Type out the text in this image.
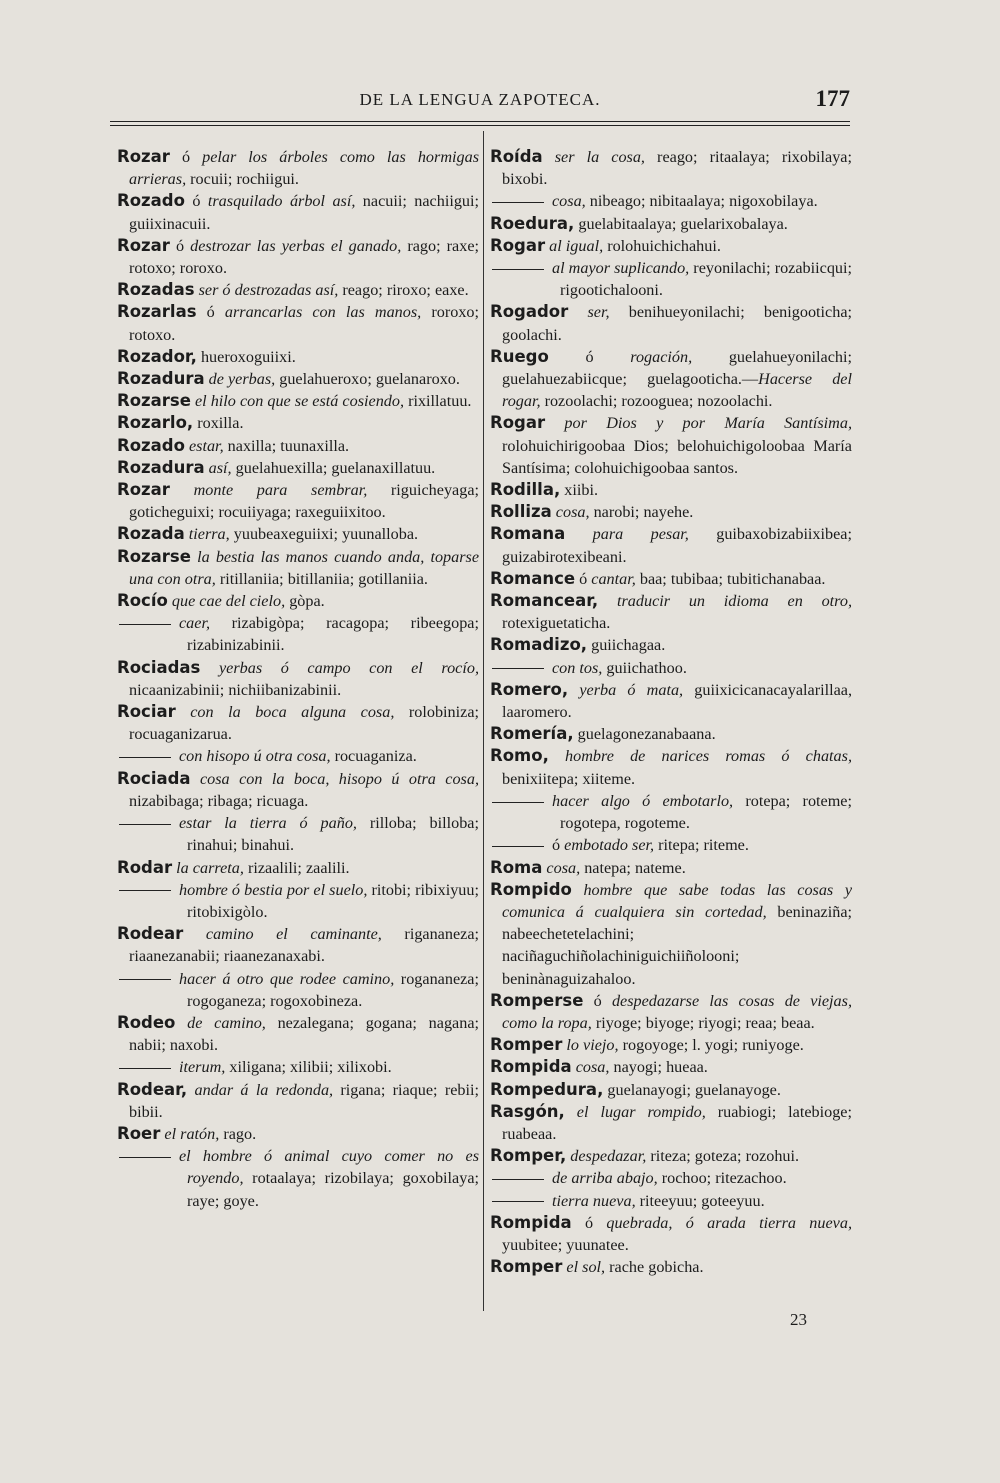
DE LA LENGUA ZAPOTECA.	177

Rozar ó pelar los árboles como las hormigas arrieras, rocuii; rochiigui.

Rozado ó trasquilado árbol así, nacuii; nachiigui; guiixinacuii.

Rozar ó destrozar las yerbas el ganado, rago; raxe; rotoxo; roroxo.

Rozadas ser ó destrozadas así, reago; riroxo; eaxe.

Rozarlas ó arrancarlas con las manos, roroxo; rotoxo.

Rozador, hueroxoguiixi.

Rozadura de yerbas, guelahueroxo; guelanaroxo.

Rozarse el hilo con que se está cosiendo, rixillatuu.

Rozarlo, roxilla.

Rozado estar, naxilla; tuunaxilla.

Rozadura así, guelahuexilla; guelanaxillatuu.

Rozar monte para sembrar, riguicheyaga; goticheguixi; rocuiiyaga; raxeguiixitoo.

Rozada tierra, yuubeaxeguiixi; yuunalloba.

Rozarse la bestia las manos cuando anda, toparse una con otra, ritillaniia; bitillaniia; gotillaniia.

Rocío que cae del cielo, gòpa.

caer, rizabigòpa; racagopa; ribeegopa; rizabinizabinii.

Rociadas yerbas ó campo con el rocío, nicaanizabinii; nichiibanizabinii.

Rociar con la boca alguna cosa, rolobiniza; rocuaganizarua.

con hisopo ú otra cosa, rocuaganiza.

Rociada cosa con la boca, hisopo ú otra cosa, nizabibaga; ribaga; ricuaga.

estar la tierra ó paño, rilloba; billoba; rinahui; binahui.

Rodar la carreta, rizaalili; zaalili.

hombre ó bestia por el suelo, ritobi; ribixiyuu; ritobixigòlo.

Rodear camino el caminante, rigananeza; riaanezanabii; riaanezanaxabi.

hacer á otro que rodee camino, rogananeza; rogoganeza; rogoxobineza.

Rodeo de camino, nezalegana; gogana; nagana; nabii; naxobi.

iterum, xiligana; xilibii; xilixobi.

Rodear, andar á la redonda, rigana; riaque; rebii; bibii.

Roer el ratón, rago.

el hombre ó animal cuyo comer no es royendo, rotaalaya; rizobilaya; goxobilaya; raye; goye.

Roída ser la cosa, reago; ritaalaya; rixobilaya; bixobi.

cosa, nibeago; nibitaalaya; nigoxobilaya.

Roedura, guelabitaalaya; guelarixobalaya.

Rogar al igual, rolohuichichahui.

al mayor suplicando, reyonilachi; rozabiicqui; rigootichalooni.

Rogador ser, benihueyonilachi; benigooticha; goolachi.

Ruego ó rogación, guelahueyonilachi; guelahuezabiicque; guelagooticha.—Hacerse del rogar, rozoolachi; rozooguea; nozoolachi.

Rogar por Dios y por María Santísima, rolohuichirigoobaa Dios; belohuichigoloobaa María Santísima; colohuichigoobaa santos.

Rodilla, xiibi.

Rolliza cosa, narobi; nayehe.

Romana para pesar, guibaxobizabiixibea; guizabirotexibeani.

Romance ó cantar, baa; tubibaa; tubitichanabaa.

Romancear, traducir un idioma en otro, rotexiguetaticha.

Romadizo, guiichagaa.

con tos, guiichathoo.

Romero, yerba ó mata, guiixicicanacayalarillaa, laaromero.

Romería, guelagonezanabaana.

Romo, hombre de narices romas ó chatas, benixiitepa; xiiteme.

hacer algo ó embotarlo, rotepa; roteme; rogotepa, rogoteme.

ó embotado ser, ritepa; riteme.

Roma cosa, natepa; nateme.

Rompido hombre que sabe todas las cosas y comunica á cualquiera sin cortedad, beninaziña; nabeechetetelachini; naciñaguchiñolachiniguichiiñolooni; beninànaguizahaloo.

Romperse ó despedazarse las cosas de viejas, como la ropa, riyoge; biyoge; riyogi; reaa; beaa.

Romper lo viejo, rogoyoge; l. yogi; runiyoge.

Rompida cosa, nayogi; hueaa.

Rompedura, guelanayogi; guelanayoge.

Rasgón, el lugar rompido, ruabiogi; latebioge; ruabeaa.

Romper, despedazar, riteza; goteza; rozohui.

de arriba abajo, rochoo; ritezachoo.

tierra nueva, riteeyuu; goteeyuu.

Rompida ó quebrada, ó arada tierra nueva, yuubitee; yuunatee.

Romper el sol, rache gobicha.

23
